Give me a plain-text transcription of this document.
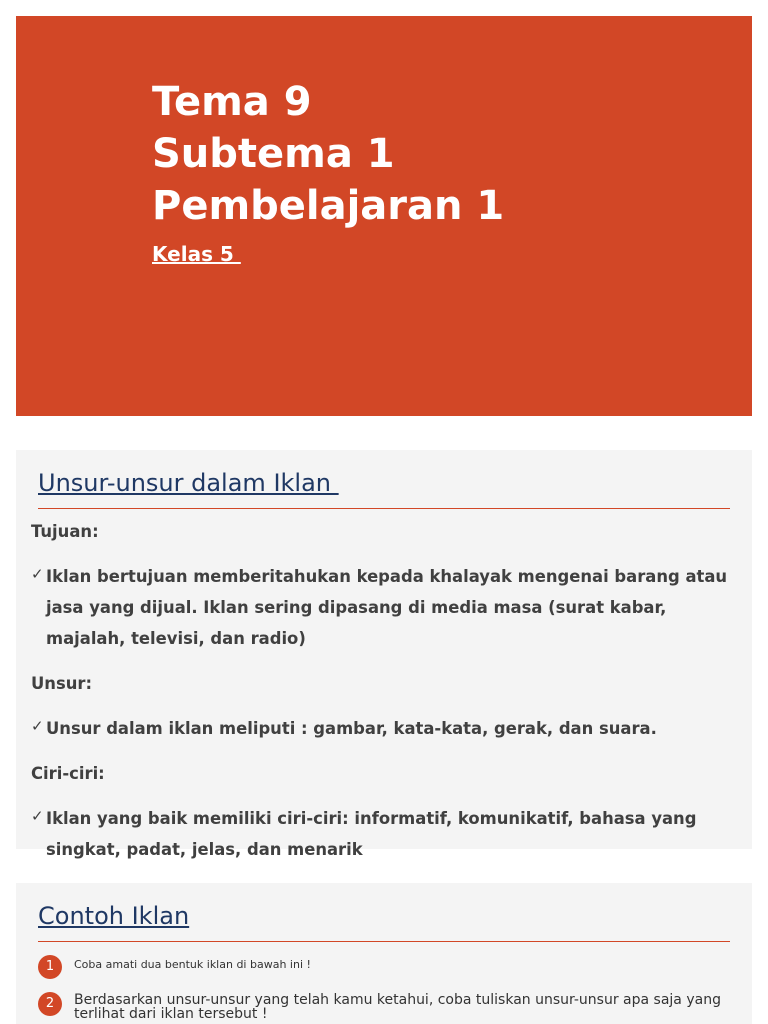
Tema 9
Subtema 1
Pembelajaran 1
Kelas 5
Unsur-unsur dalam Iklan

Tujuan:

✓ Iklan bertujuan memberitahukan kepada khalayak mengenai barang atau jasa yang dijual. Iklan sering dipasang di media masa (surat kabar, majalah, televisi, dan radio)

Unsur:

✓ Unsur dalam iklan meliputi : gambar, kata-kata, gerak, dan suara.

Ciri-ciri:

✓ Iklan yang baik memiliki ciri-ciri: informatif, komunikatif, bahasa yang singkat, padat, jelas, dan menarik

Contoh Iklan
1	Coba amati dua bentuk iklan di bawah ini !
2	Berdasarkan unsur-unsur yang telah kamu ketahui, coba tuliskan unsur-unsur apa saja yang terlihat dari iklan tersebut !
